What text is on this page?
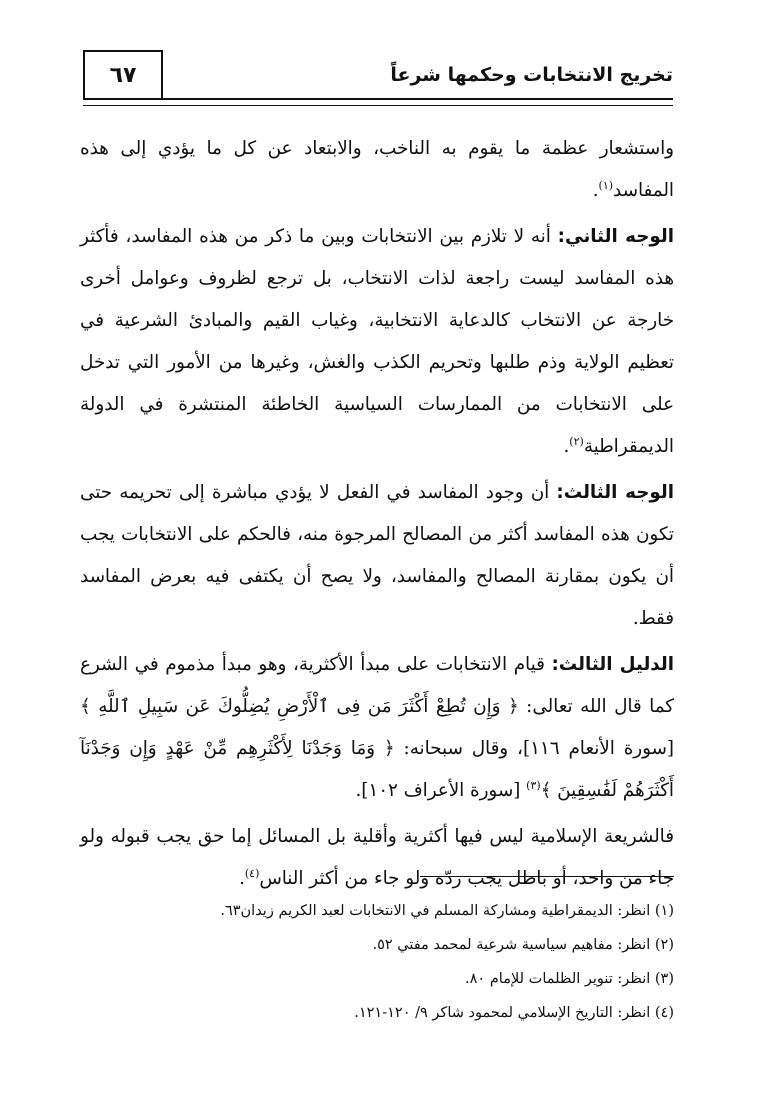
٦٧	تخريج الانتخابات وحكمها شرعاً

واستشعار عظمة ما يقوم به الناخب، والابتعاد عن كل ما يؤدي إلى هذه المفاسد$^{(١)}$.

الوجه الثاني: أنه لا تلازم بين الانتخابات وبين ما ذكر من هذه المفاسد، فأكثر هذه المفاسد ليست راجعة لذات الانتخاب، بل ترجع لظروف وعوامل أخرى خارجة عن الانتخاب كالدعاية الانتخابية، وغياب القيم والمبادئ الشرعية في تعظيم الولاية وذم طلبها وتحريم الكذب والغش، وغيرها من الأمور التي تدخل على الانتخابات من الممارسات السياسية الخاطئة المنتشرة في الدولة الديمقراطية$^{(٢)}$.

الوجه الثالث: أن وجود المفاسد في الفعل لا يؤدي مباشرة إلى تحريمه حتى تكون هذه المفاسد أكثر من المصالح المرجوة منه، فالحكم على الانتخابات يجب أن يكون بمقارنة المصالح والمفاسد، ولا يصح أن يكتفى فيه بعرض المفاسد فقط.

الدليل الثالث: قيام الانتخابات على مبدأ الأكثرية، وهو مبدأ مذموم في الشرع كما قال الله تعالى: ﴿ وَإِن تُطِعْ أَكْثَرَ مَن فِى ٱلْأَرْضِ يُضِلُّوكَ عَن سَبِيلِ ٱللَّهِ ﴾ [سورة الأنعام ١١٦]، وقال سبحانه: ﴿ وَمَا وَجَدْنَا لِأَكْثَرِهِم مِّنْ عَهْدٍ وَإِن وَجَدْنَآ أَكْثَرَهُمْ لَفَٰسِقِينَ ﴾$^{(٣)}$ [سورة الأعراف ١٠٢].

فالشريعة الإسلامية ليس فيها أكثرية وأقلية بل المسائل إما حق يجب قبوله ولو جاء من واحد، أو باطل يجب ردّه ولو جاء من أكثر الناس$^{(٤)}$.

(١) انظر: الديمقراطية ومشاركة المسلم في الانتخابات لعبد الكريم زيدان٦٣.
(٢) انظر: مفاهيم سياسية شرعية لمحمد مفتي ٥٢.
(٣) انظر: تنوير الظلمات للإمام ٨٠.
(٤) انظر: التاريخ الإسلامي لمحمود شاكر ٩/ ١٢٠-١٢١.
